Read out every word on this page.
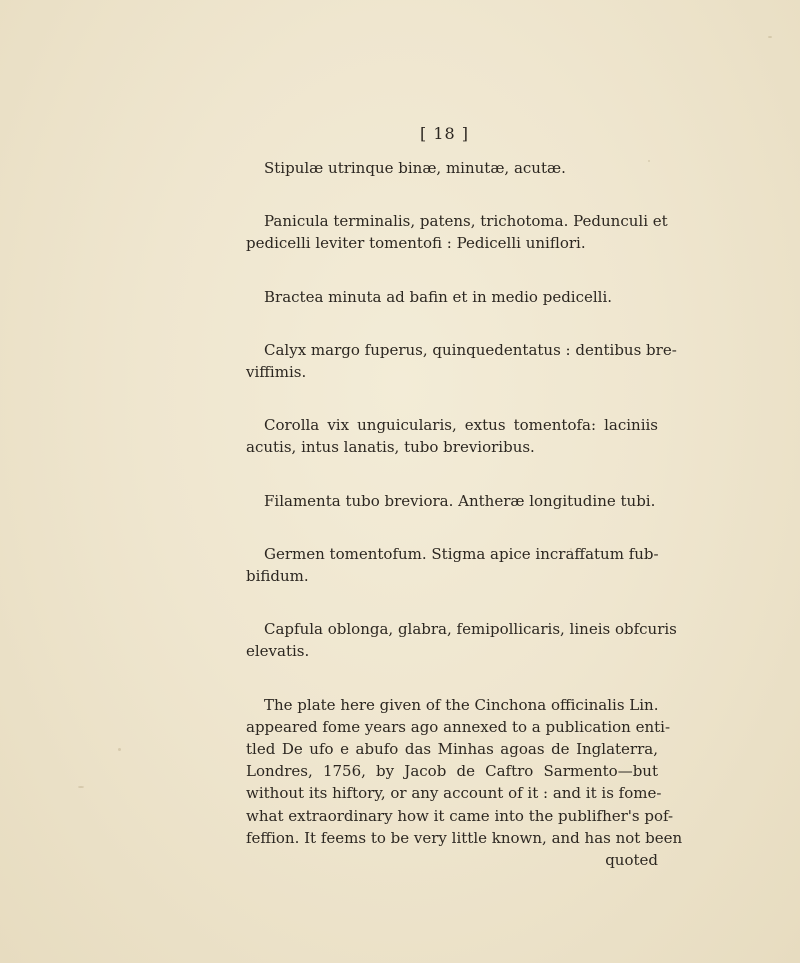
[ 18 ]

Stipulæ utrinque binæ, minutæ, acutæ.

Panicula terminalis, patens, trichotoma. Pedunculi et
pedicelli leviter tomentofi : Pedicelli uniflori.

Bractea minuta ad bafin et in medio pedicelli.

Calyx margo fuperus, quinquedentatus : dentibus bre-
viffimis.

Corolla vix unguicularis, extus tomentofa: laciniis
acutis, intus lanatis, tubo brevioribus.

Filamenta tubo breviora. Antheræ longitudine tubi.

Germen tomentofum. Stigma apice incraffatum fub-
bifidum.

Capfula oblonga, glabra, femipollicaris, lineis obfcuris
elevatis.

The plate here given of the Cinchona officinalis Lin.
appeared fome years ago annexed to a publication enti-
tled De ufo e abufo das Minhas agoas de Inglaterra,
Londres, 1756, by Jacob de Caftro Sarmento—but
without its hiftory, or any account of it : and it is fome-
what extraordinary how it came into the publifher's pof-
feffion. It feems to be very little known, and has not been
quoted
